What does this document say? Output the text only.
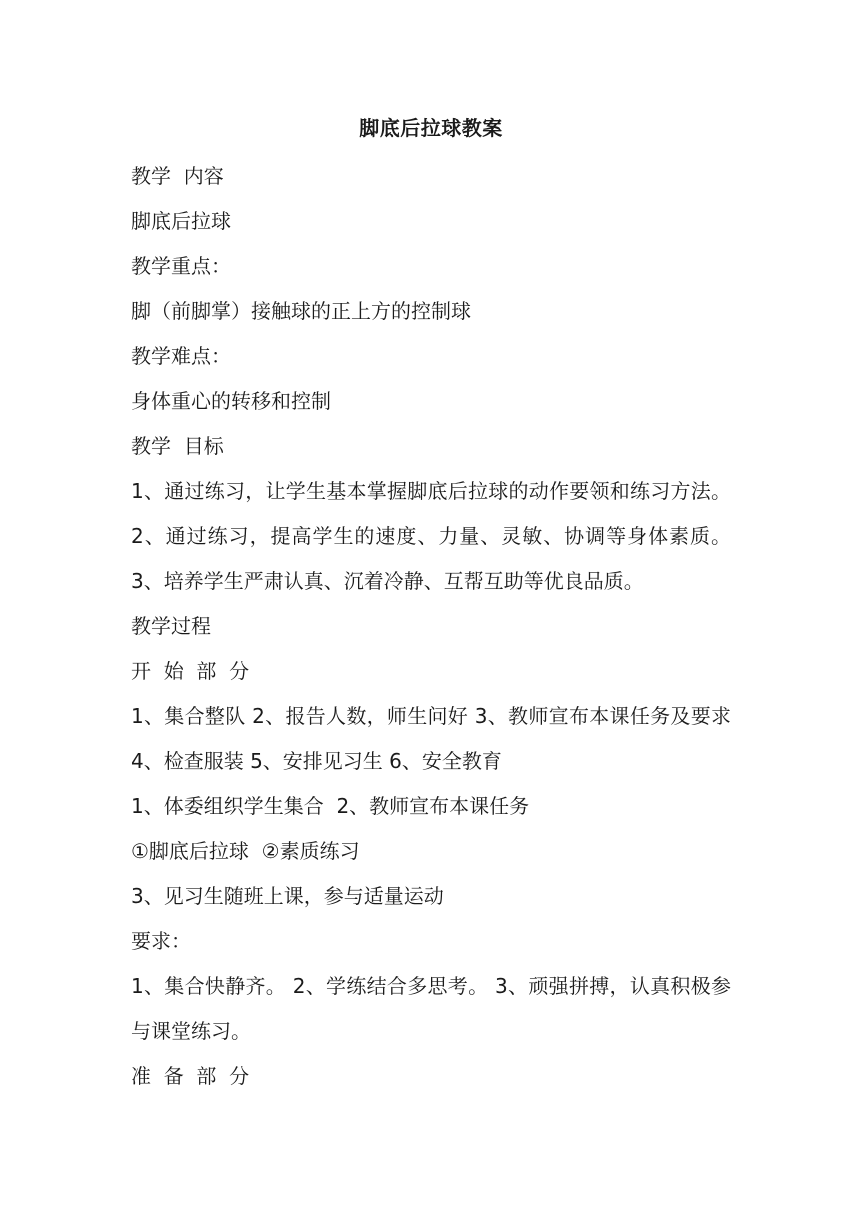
脚底后拉球教案

教学  内容

脚底后拉球

教学重点：

脚（前脚掌）接触球的正上方的控制球

教学难点：

身体重心的转移和控制

教学  目标

1、通过练习，让学生基本掌握脚底后拉球的动作要领和练习方法。 2、通过练习，提高学生的速度、力量、灵敏、协调等身体素质。 3、培养学生严肃认真、沉着冷静、互帮互助等优良品质。

教学过程

开  始  部  分

1、集合整队 2、报告人数，师生问好 3、教师宣布本课任务及要求 4、检查服装 5、安排见习生 6、安全教育

1、体委组织学生集合  2、教师宣布本课任务

①脚底后拉球  ②素质练习

3、见习生随班上课，参与适量运动

要求：

1、集合快静齐。 2、学练结合多思考。 3、顽强拼搏，认真积极参与课堂练习。

准  备  部  分
